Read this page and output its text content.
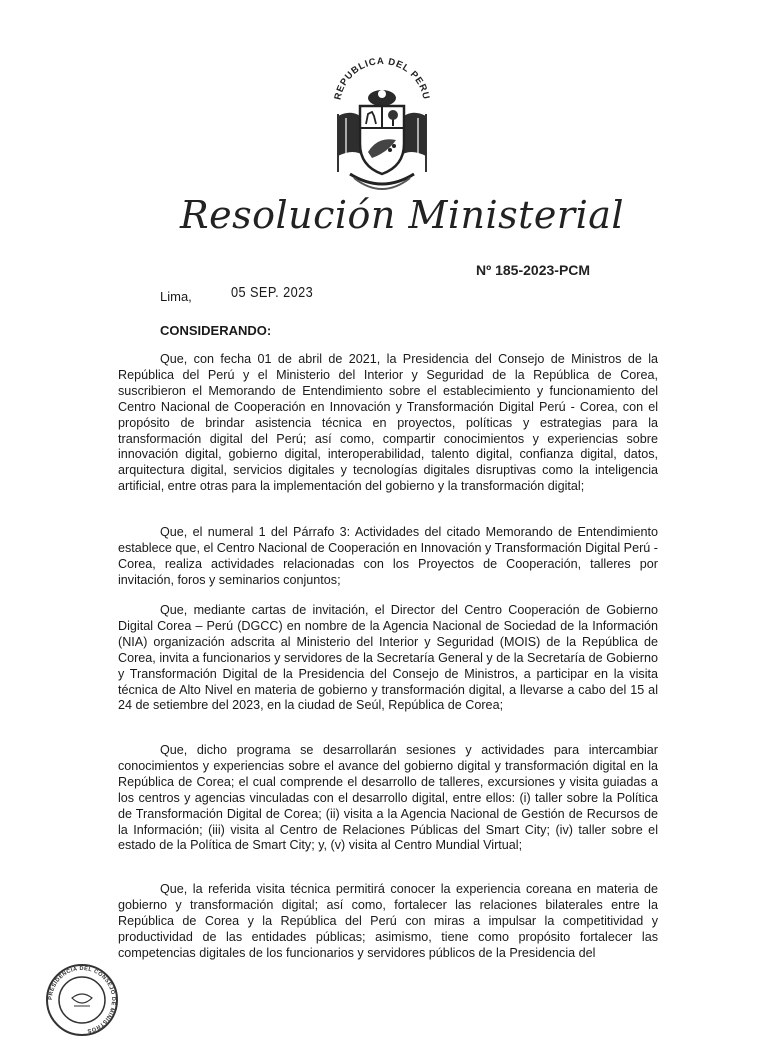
REPUBLICA DEL PERU
Resolución Ministerial
Nº 185-2023-PCM
Lima,	05 SEP. 2023
CONSIDERANDO:

Que, con fecha 01 de abril de 2021, la Presidencia del Consejo de Ministros de la República del Perú y el Ministerio del Interior y Seguridad de la República de Corea, suscribieron el Memorando de Entendimiento sobre el establecimiento y funcionamiento del Centro Nacional de Cooperación en Innovación y Transformación Digital Perú - Corea, con el propósito de brindar asistencia técnica en proyectos, políticas y estrategias para la transformación digital del Perú; así como, compartir conocimientos y experiencias sobre innovación digital, gobierno digital, interoperabilidad, talento digital, confianza digital, datos, arquitectura digital, servicios digitales y tecnologías digitales disruptivas como la inteligencia artificial, entre otras para la implementación del gobierno y la transformación digital;

Que, el numeral 1 del Párrafo 3: Actividades del citado Memorando de Entendimiento establece que, el Centro Nacional de Cooperación en Innovación y Transformación Digital Perú - Corea, realiza actividades relacionadas con los Proyectos de Cooperación, talleres por invitación, foros y seminarios conjuntos;

Que, mediante cartas de invitación, el Director del Centro Cooperación de Gobierno Digital Corea – Perú (DGCC) en nombre de la Agencia Nacional de Sociedad de la Información (NIA) organización adscrita al Ministerio del Interior y Seguridad (MOIS) de la República de Corea, invita a funcionarios y servidores de la Secretaría General y de la Secretaría de Gobierno y Transformación Digital de la Presidencia del Consejo de Ministros, a participar en la visita técnica de Alto Nivel en materia de gobierno y transformación digital, a llevarse a cabo del 15 al 24 de setiembre del 2023, en la ciudad de Seúl, República de Corea;

Que, dicho programa se desarrollarán sesiones y actividades para intercambiar conocimientos y experiencias sobre el avance del gobierno digital y transformación digital en la República de Corea; el cual comprende el desarrollo de talleres, excursiones y visita guiadas a los centros y agencias vinculadas con el desarrollo digital, entre ellos: (i) taller sobre la Política de Transformación Digital de Corea; (ii) visita a la Agencia Nacional de Gestión de Recursos de la Información; (iii) visita al Centro de Relaciones Públicas del Smart City; (iv) taller sobre el estado de la Política de Smart City; y, (v) visita al Centro Mundial Virtual;

Que, la referida visita técnica permitirá conocer la experiencia coreana en materia de gobierno y transformación digital; así como, fortalecer las relaciones bilaterales entre la República de Corea y la República del Perú con miras a impulsar la competitividad y productividad de las entidades públicas; asimismo, tiene como propósito fortalecer las competencias digitales de los funcionarios y servidores públicos de la Presidencia del

PRESIDENCIA DEL CONSEJO DE MINISTROS
